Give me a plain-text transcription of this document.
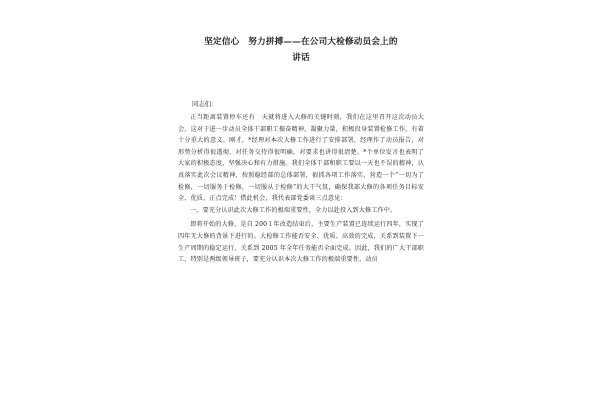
坚定信心　努力拼搏——在公司大检修动员会上的
讲话

同志们：

正当距离装置停车还有　天就将进入大修的关键时刻，我们在这里召开这次动员大会，这对于进一步动员全体干部职工振奋精神，凝聚力量，积极投身装置检修工作，有着十分重大的意义。刚才，*经理对本次大修工作进行了安排部署，经理作了动员报告，对形势分析得很透彻，对任务交待得很明确，对要求也讲得很清楚。*个单位发言也表明了大家的积极态度，坚强决心和有力措施。我们全体干部和职工要以一天也不误的精神，认真落实此次会议精神，按照稳经部的总体部署，狠抓各项工作落实，营造一个“一切为了检修，一切服务于检修，一切服从于检修”的大干气氛，确保我部大修的各项任务目标安全、优质、正点完成！借此机会，我代表部党委谈三点意见：

一、要充分认识此次大修工作的极端重要性，全力以赴投入到大修工作中。

即将开始的大修，是自 200１年改造结束后，主要生产装置已连续运行四年，实现了四年无大修的背景下进行的。大检修工作能否安全、优质、高效的完成，关系到装置下一生产周期的稳定运行，关系到 2005 年全年任务能否全面完成。因此，我们的广大干部职工，特别是两级领导班子，要充分认识本次大修工作的极端重要性，动员
